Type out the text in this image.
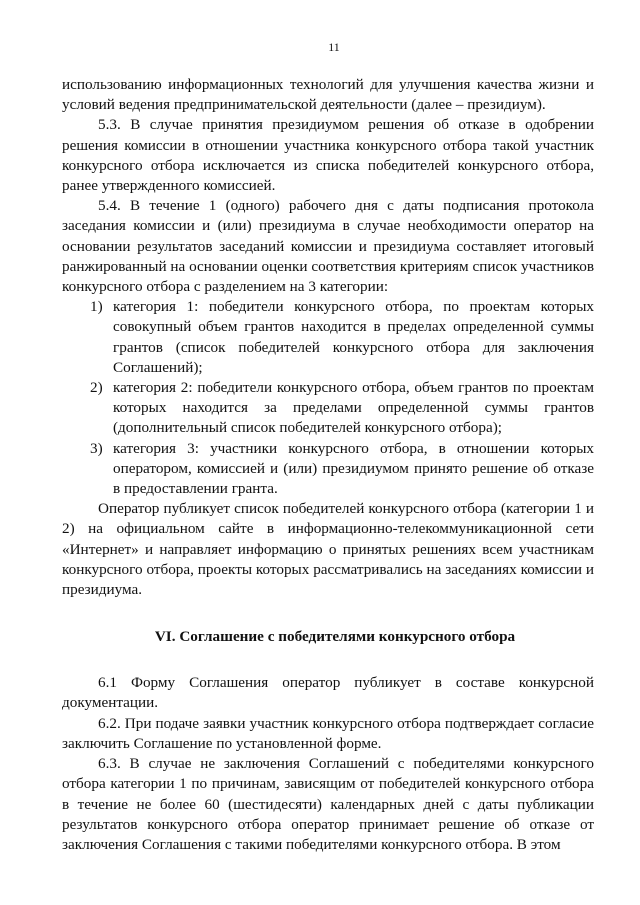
11

использованию информационных технологий для улучшения качества жизни и условий ведения предпринимательской деятельности (далее – президиум).

5.3. В случае принятия президиумом решения об отказе в одобрении решения комиссии в отношении участника конкурсного отбора такой участник конкурсного отбора исключается из списка победителей конкурсного отбора, ранее утвержденного комиссией.

5.4. В течение 1 (одного) рабочего дня с даты подписания протокола заседания комиссии и (или) президиума в случае необходимости оператор на основании результатов заседаний комиссии и президиума составляет итоговый ранжированный на основании оценки соответствия критериям список участников конкурсного отбора с разделением на 3 категории:

1) категория 1: победители конкурсного отбора, по проектам которых совокупный объем грантов находится в пределах определенной суммы грантов (список победителей конкурсного отбора для заключения Соглашений);
2) категория 2: победители конкурсного отбора, объем грантов по проектам которых находится за пределами определенной суммы грантов (дополнительный список победителей конкурсного отбора);
3) категория 3: участники конкурсного отбора, в отношении которых оператором, комиссией и (или) президиумом принято решение об отказе в предоставлении гранта.

Оператор публикует список победителей конкурсного отбора (категории 1 и 2) на официальном сайте в информационно-телекоммуникационной сети «Интернет» и направляет информацию о принятых решениях всем участникам конкурсного отбора, проекты которых рассматривались на заседаниях комиссии и президиума.

VI. Соглашение с победителями конкурсного отбора

6.1 Форму Соглашения оператор публикует в составе конкурсной документации.

6.2. При подаче заявки участник конкурсного отбора подтверждает согласие заключить Соглашение по установленной форме.

6.3. В случае не заключения Соглашений с победителями конкурсного отбора категории 1 по причинам, зависящим от победителей конкурсного отбора в течение не более 60 (шестидесяти) календарных дней с даты публикации результатов конкурсного отбора оператор принимает решение об отказе от заключения Соглашения с такими победителями конкурсного отбора. В этом
